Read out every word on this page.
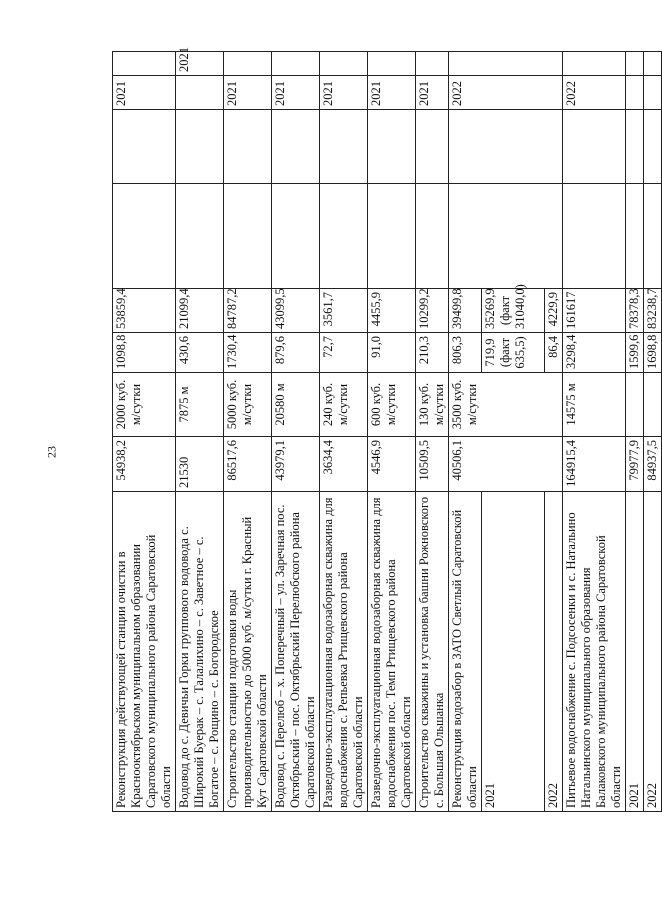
23
Реконструкция действующей станции очистки в Краснооктябрьском муниципальном образовании Саратовского муниципального района Саратовской области	54938,2	2000 куб. м/сутки	1098,8	53859,4			2021	
Водовод до с. Девичьи Горки группового водовода с. Широкий Буерак – с. Талалихино – с. Заветное – с. Богатое – с. Рощино – с. Богородское	21530	7875 м	430,6	21099,4				2021
Строительство станции подготовки воды производительностью до 5000 куб. м/сутки г. Красный Кут Саратовской области	86517,6	5000 куб. м/сутки	1730,4	84787,2			2021	
Водовод с. Перелюб – х. Поперечный – ул. Заречная пос. Октябрьский – пос. Октябрьский Перелюбского района Саратовской области	43979,1	20580 м	879,6	43099,5			2021	
Разведочно-эксплуатационная водозаборная скважина для водоснабжения с. Репьевка Ртищевского района Саратовской области	3634,4	240 куб. м/сутки	72,7	3561,7			2021	
Разведочно-эксплуатационная водозаборная скважина для водоснабжения пос. Темп Ртищевского района Саратовской области	4546,9	600 куб. м/сутки	91,0	4455,9			2021	
Строительство скважины и установка башни Рожновского с. Большая Ольшанка	10509,5	130 куб. м/сутки	210,3	10299,2			2021	
Реконструкция водозабор в ЗАТО Светлый Саратовской области	40506,1	3500 куб. м/сутки	806,3	39499,8			2022	
2021			719,9 (факт 635,5)	35269,9 (факт 31040,0)				
2022			86,4	4229,9				
Питьевое водоснабжение с. Подсосенки и с. Натальино Натальинского муниципального образования Балаковского муниципального района Саратовской области	164915,4	14575 м	3298,4	161617			2022	
2021	79977,9		1599,6	78378,3				
2022	84937,5		1698,8	83238,7				
